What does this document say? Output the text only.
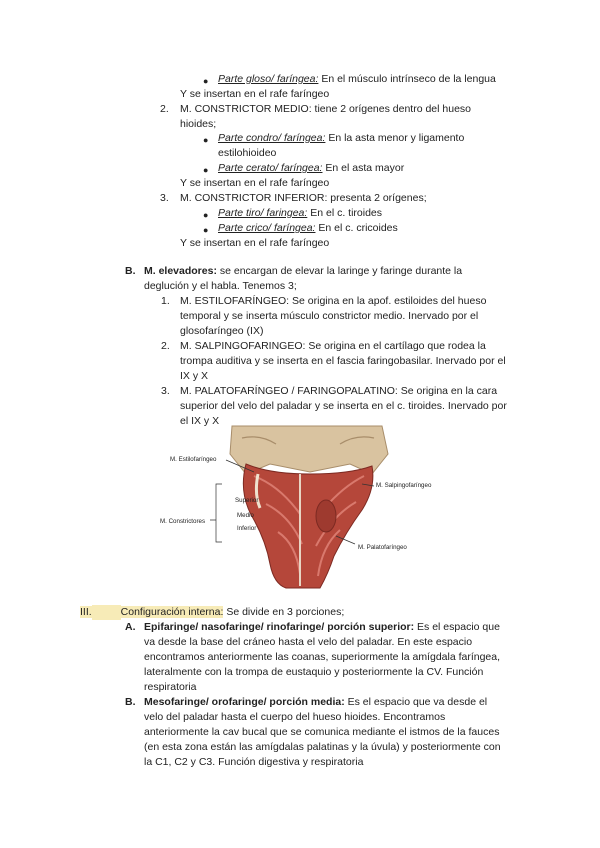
● Parte gloso/ faríngea: En el músculo intrínseco de la lengua
Y se insertan en el rafe faríngeo
2. M. CONSTRICTOR MEDIO: tiene 2 orígenes dentro del hueso
hioides;
● Parte condro/ faríngea: En la asta menor y ligamento
estilohioideo
● Parte cerato/ faríngea: En el asta mayor
Y se insertan en el rafe faríngeo
3. M. CONSTRICTOR INFERIOR: presenta 2 orígenes;
● Parte tiro/ faringea: En el c. tiroides
● Parte crico/ faríngea: En el c. cricoides
Y se insertan en el rafe faríngeo
B. M. elevadores: se encargan de elevar la laringe y faringe durante la
deglución y el habla. Tenemos 3;
1. M. ESTILOFARÍNGEO: Se origina en la apof. estiloides del hueso
temporal y se inserta músculo constrictor medio. Inervado por el
glosofaríngeo (IX)
2. M. SALPINGOFARINGEO: Se origina en el cartílago que rodea la
trompa auditiva y se inserta en el fascia faringobasilar. Inervado por el
IX y X
3. M. PALATOFARÍNGEO / FARINGOPALATINO: Se origina en la cara
superior del velo del paladar y se inserta en el c. tiroides. Inervado por
el IX y X
M. Estilofaríngeo
M. Salpingofaríngeo
M. Constrictores
Superior
Medio
Inferior
M. Palatofaríngeo
III.	Configuración interna: Se divide en 3 porciones;
A. Epifaringe/ nasofaringe/ rinofaringe/ porción superior: Es el espacio que
va desde la base del cráneo hasta el velo del paladar. En este espacio
encontramos anteriormente las coanas, superiormente la amígdala faríngea,
lateralmente con la trompa de eustaquio y posteriormente la CV. Función
respiratoria
B. Mesofaringe/ orofaringe/ porción media: Es el espacio que va desde el
velo del paladar hasta el cuerpo del hueso hioides. Encontramos
anteriormente la cav bucal que se comunica mediante el istmos de la fauces
(en esta zona están las amígdalas palatinas y la úvula) y posteriormente con
la C1, C2 y C3. Función digestiva y respiratoria
